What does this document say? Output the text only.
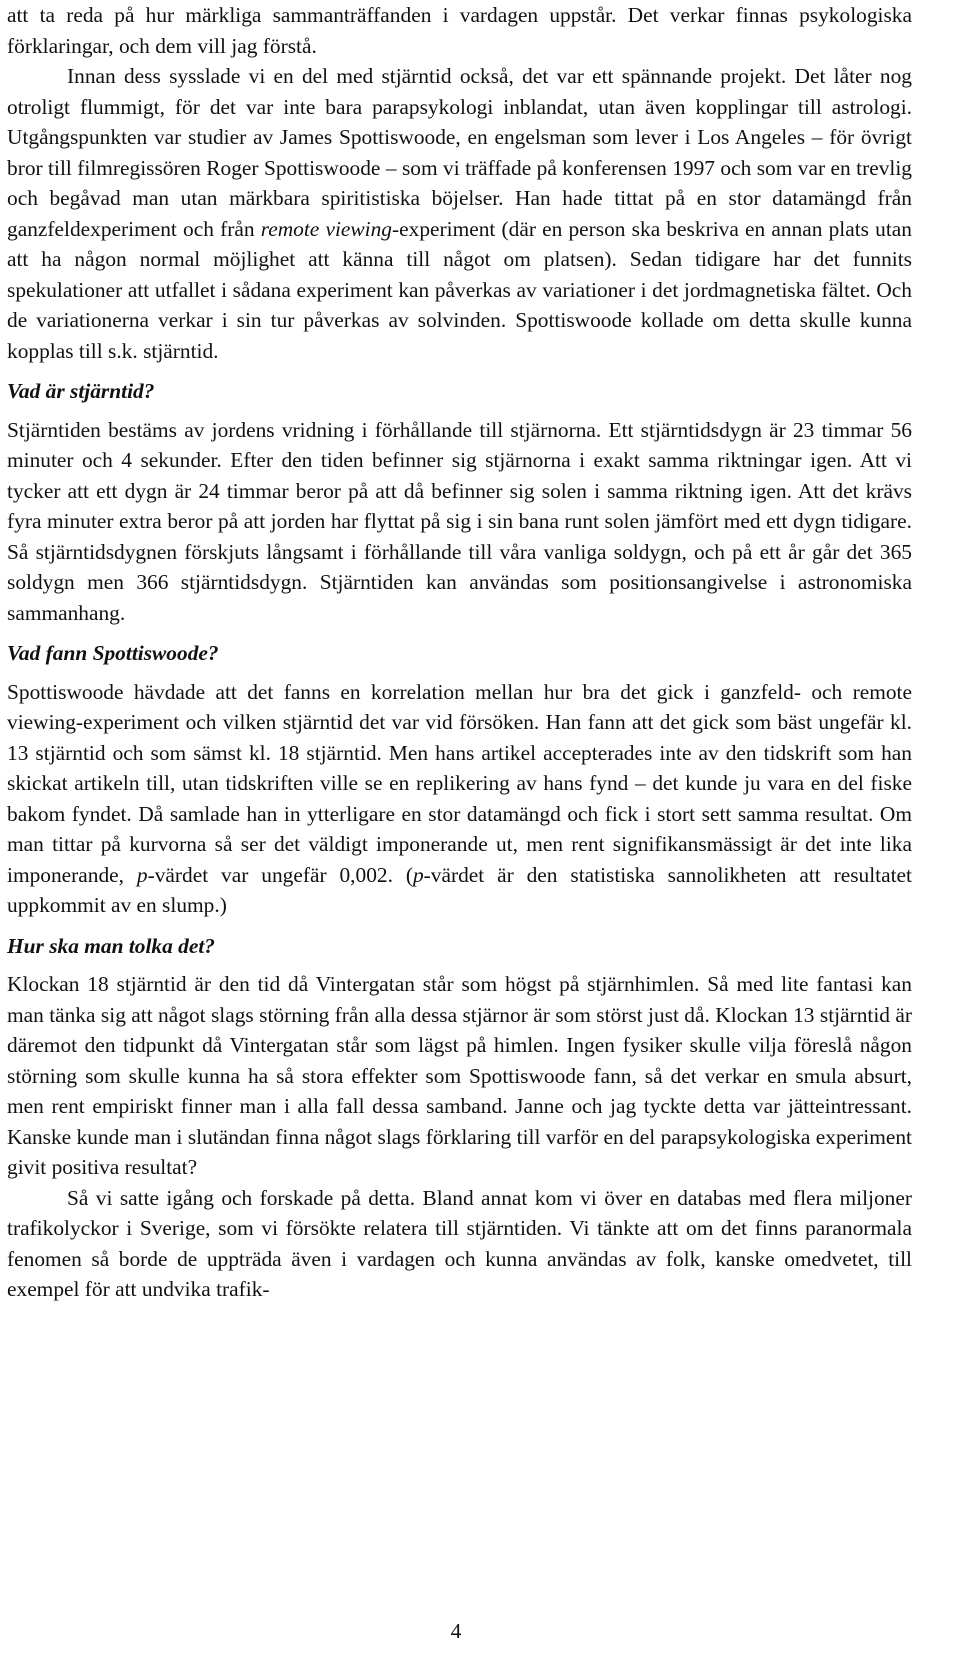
att ta reda på hur märkliga sammanträffanden i vardagen uppstår. Det verkar finnas psykologiska förklaringar, och dem vill jag förstå.

Innan dess sysslade vi en del med stjärntid också, det var ett spännande projekt. Det låter nog otroligt flummigt, för det var inte bara parapsykologi inblandat, utan även kopplingar till astrologi. Utgångspunkten var studier av James Spottiswoode, en engelsman som lever i Los Angeles – för övrigt bror till filmregissören Roger Spottiswoode – som vi träffade på konferensen 1997 och som var en trevlig och begåvad man utan märkbara spiritistiska böjelser. Han hade tittat på en stor datamängd från ganzfeldexperiment och från remote viewing-experiment (där en person ska beskriva en annan plats utan att ha någon normal möjlighet att känna till något om platsen). Sedan tidigare har det funnits spekulationer att utfallet i sådana experiment kan påverkas av variationer i det jordmagnetiska fältet. Och de variationerna verkar i sin tur påverkas av solvinden. Spottiswoode kollade om detta skulle kunna kopplas till s.k. stjärntid.

Vad är stjärntid?

Stjärntiden bestäms av jordens vridning i förhållande till stjärnorna. Ett stjärntidsdygn är 23 timmar 56 minuter och 4 sekunder. Efter den tiden befinner sig stjärnorna i exakt samma riktningar igen. Att vi tycker att ett dygn är 24 timmar beror på att då befinner sig solen i samma riktning igen. Att det krävs fyra minuter extra beror på att jorden har flyttat på sig i sin bana runt solen jämfört med ett dygn tidigare. Så stjärntidsdygnen förskjuts långsamt i förhållande till våra vanliga soldygn, och på ett år går det 365 soldygn men 366 stjärntidsdygn. Stjärntiden kan användas som positionsangivelse i astronomiska sammanhang.

Vad fann Spottiswoode?

Spottiswoode hävdade att det fanns en korrelation mellan hur bra det gick i ganzfeld- och remote viewing-experiment och vilken stjärntid det var vid försöken. Han fann att det gick som bäst ungefär kl. 13 stjärntid och som sämst kl. 18 stjärntid. Men hans artikel accepterades inte av den tidskrift som han skickat artikeln till, utan tidskriften ville se en replikering av hans fynd – det kunde ju vara en del fiske bakom fyndet. Då samlade han in ytterligare en stor datamängd och fick i stort sett samma resultat. Om man tittar på kurvorna så ser det väldigt imponerande ut, men rent signifikansmässigt är det inte lika imponerande, p-värdet var ungefär 0,002. (p-värdet är den statistiska sannolikheten att resultatet uppkommit av en slump.)

Hur ska man tolka det?

Klockan 18 stjärntid är den tid då Vintergatan står som högst på stjärnhimlen. Så med lite fantasi kan man tänka sig att något slags störning från alla dessa stjärnor är som störst just då. Klockan 13 stjärntid är däremot den tidpunkt då Vintergatan står som lägst på himlen. Ingen fysiker skulle vilja föreslå någon störning som skulle kunna ha så stora effekter som Spottiswoode fann, så det verkar en smula absurt, men rent empiriskt finner man i alla fall dessa samband. Janne och jag tyckte detta var jätteintressant. Kanske kunde man i slutändan finna något slags förklaring till varför en del parapsykologiska experiment givit positiva resultat?

Så vi satte igång och forskade på detta. Bland annat kom vi över en databas med flera miljoner trafikolyckor i Sverige, som vi försökte relatera till stjärntiden. Vi tänkte att om det finns paranormala fenomen så borde de uppträda även i vardagen och kunna användas av folk, kanske omedvetet, till exempel för att undvika trafik-

4
